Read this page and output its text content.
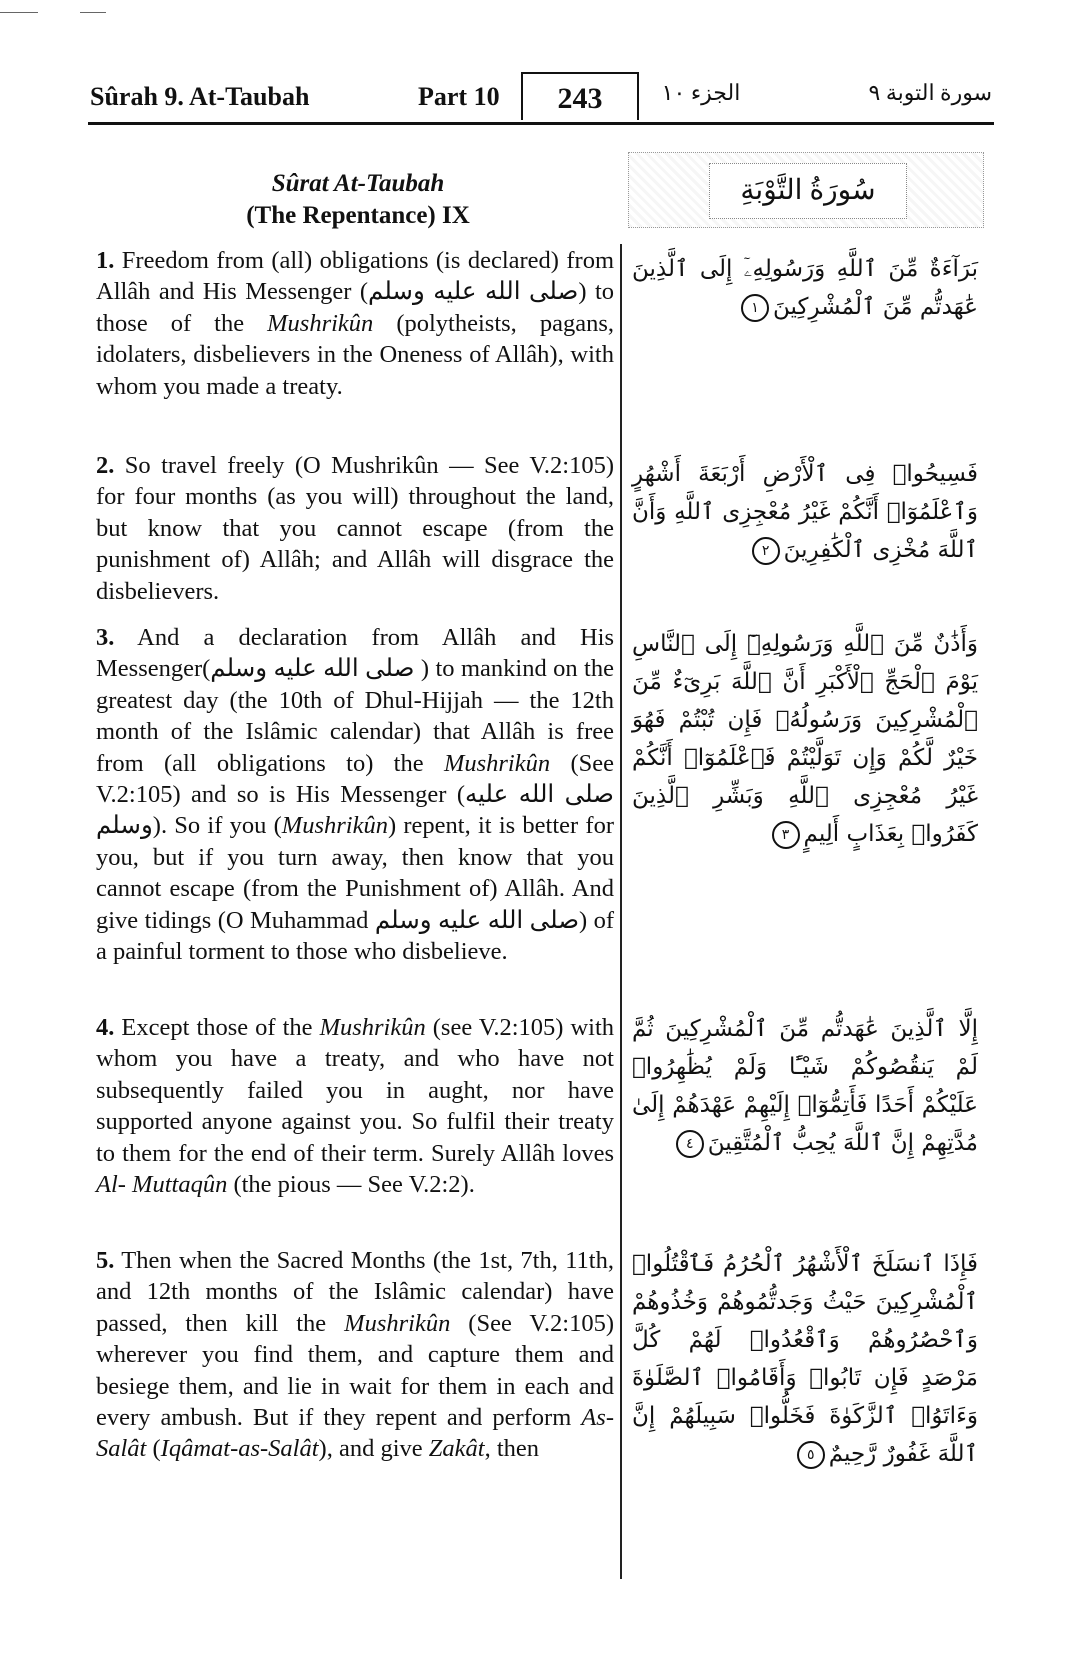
Sûrah 9. At-Taubah	Part 10	243	الجزء ١٠	سورة التوبة ٩
Sûrat At-Taubah
(The Repentance) IX
سُورَةُ التَّوْبَةِ
1. Freedom from (all) obligations (is declared) from Allâh and His Messenger (صلى الله عليه وسلم) to those of the Mushrikûn (polytheists, pagans, idolaters, disbelievers in the Oneness of Allâh), with whom you made a treaty.
بَرَآءَةٌ مِّنَ ٱللَّهِ وَرَسُولِهِۦٓ إِلَى ٱلَّذِينَ عَٰهَدتُّم مِّنَ ٱلْمُشْرِكِينَ١
2. So travel freely (O Mushrikûn — See V.2:105) for four months (as you will) throughout the land, but know that you cannot escape (from the punishment of) Allâh; and Allâh will disgrace the disbelievers.
فَسِيحُوا۟ فِى ٱلْأَرْضِ أَرْبَعَةَ أَشْهُرٍ وَٱعْلَمُوٓا۟ أَنَّكُمْ غَيْرُ مُعْجِزِى ٱللَّهِ وَأَنَّ ٱللَّهَ مُخْزِى ٱلْكَٰفِرِينَ٢
3. And a declaration from Allâh and His Messenger(صلى الله عليه وسلم ) to mankind on the greatest day (the 10th of Dhul-Hijjah — the 12th month of the Islâmic calendar) that Allâh is free from (all obligations to) the Mushrikûn (See V.2:105) and so is His Messenger (صلى الله عليه وسلم). So if you (Mushrikûn) repent, it is better for you, but if you turn away, then know that you cannot escape (from the Punishment of) Allâh. And give tidings (O Muhammad صلى الله عليه وسلم) of a painful torment to those who disbelieve.
وَأَذَٰنٌ مِّنَ ٱللَّهِ وَرَسُولِهِۦٓ إِلَى ٱلنَّاسِ يَوْمَ ٱلْحَجِّ ٱلْأَكْبَرِ أَنَّ ٱللَّهَ بَرِىٓءٌ مِّنَ ٱلْمُشْرِكِينَ وَرَسُولُهُۥ فَإِن تُبْتُمْ فَهُوَ خَيْرٌ لَّكُمْ وَإِن تَوَلَّيْتُمْ فَٱعْلَمُوٓا۟ أَنَّكُمْ غَيْرُ مُعْجِزِى ٱللَّهِ وَبَشِّرِ ٱلَّذِينَ كَفَرُوا۟ بِعَذَابٍ أَلِيمٍ٣
4. Except those of the Mushrikûn (see V.2:105) with whom you have a treaty, and who have not subsequently failed you in aught, nor have supported anyone against you. So fulfil their treaty to them for the end of their term. Surely Allâh loves Al- Muttaqûn (the pious — See V.2:2).
إِلَّا ٱلَّذِينَ عَٰهَدتُّم مِّنَ ٱلْمُشْرِكِينَ ثُمَّ لَمْ يَنقُصُوكُمْ شَيْـًٔا وَلَمْ يُظَٰهِرُوا۟ عَلَيْكُمْ أَحَدًا فَأَتِمُّوٓا۟ إِلَيْهِمْ عَهْدَهُمْ إِلَىٰ مُدَّتِهِمْ إِنَّ ٱللَّهَ يُحِبُّ ٱلْمُتَّقِينَ٤
5. Then when the Sacred Months (the 1st, 7th, 11th, and 12th months of the Islâmic calendar) have passed, then kill the Mushrikûn (See V.2:105) wherever you find them, and capture them and besiege them, and lie in wait for them in each and every ambush. But if they repent and perform As-Salât (Iqâmat-as-Salât), and give Zakât, then
فَإِذَا ٱنسَلَخَ ٱلْأَشْهُرُ ٱلْحُرُمُ فَٱقْتُلُوا۟ ٱلْمُشْرِكِينَ حَيْثُ وَجَدتُّمُوهُمْ وَخُذُوهُمْ وَٱحْصُرُوهُمْ وَٱقْعُدُوا۟ لَهُمْ كُلَّ مَرْصَدٍ فَإِن تَابُوا۟ وَأَقَامُوا۟ ٱلصَّلَوٰةَ وَءَاتَوُا۟ ٱلزَّكَوٰةَ فَخَلُّوا۟ سَبِيلَهُمْ إِنَّ ٱللَّهَ غَفُورٌ رَّحِيمٌ٥
